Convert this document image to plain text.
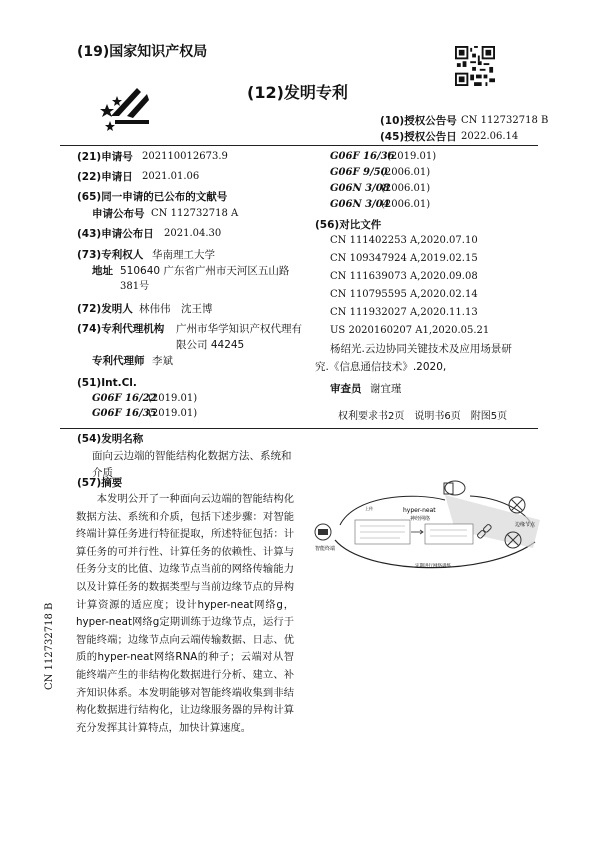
(19)国家知识产权局
(12)发明专利
(10)授权公告号 CN 112732718 B
(45)授权公告日 2022.06.14
(21)申请号 202110012673.9
(22)申请日 2021.01.06
(65)同一申请的已公布的文献号
申请公布号 CN 112732718 A
(43)申请公布日 2021.04.30
(73)专利权人 华南理工大学
地址 510640 广东省广州市天河区五山路
381号
(72)发明人 林伟伟　沈王博
(74)专利代理机构 广州市华学知识产权代理有
限公司 44245
专利代理师 李斌
(51)Int.Cl.
G06F 16/22
(2019.01)
G06F 16/35
(2019.01)
G06F 16/36
(2019.01)
G06F 9/50
(2006.01)
G06N 3/08
(2006.01)
G06N 3/04
(2006.01)
(56)对比文件
CN 111402253 A,2020.07.10
CN 109347924 A,2019.02.15
CN 111639073 A,2020.09.08
CN 110795595 A,2020.02.14
CN 111932027 A,2020.11.13
US 2020160207 A1,2020.05.21
杨绍光.云边协同关键技术及应用场景研
究.《信息通信技术》.2020,
审查员 谢宜瑾
权利要求书2页　说明书6页　附图5页
(54)发明名称
面向云边端的智能结构化数据方法、系统和
介质
(57)摘要

　　本发明公开了一种面向云边端的智能结构化数据方法、系统和介质，包括下述步骤：对智能终端计算任务进行特征提取，所述特征包括：计算任务的可并行性、计算任务的依赖性、计算与任务分支的比值、边缘节点当前的网络传输能力以及计算任务的数据类型与当前边缘节点的异构计算资源的适应度；设计hyper-neat网络g，hyper-neat网络g定期训练于边缘节点，运行于智能终端；边缘节点向云端传输数据、日志、优质的hyper-neat网络RNA的种子；云端对从智能终端产生的非结构化数据进行分析、建立、补齐知识体系。本发明能够对智能终端收集到非结构化数据进行结构化，让边缘服务器的异构计算充分发挥其计算特点，加快计算速度。

智能终端
hyper-neat
神经网络
边缘节点
定期进行网络训练
上传
CN 112732718 B
